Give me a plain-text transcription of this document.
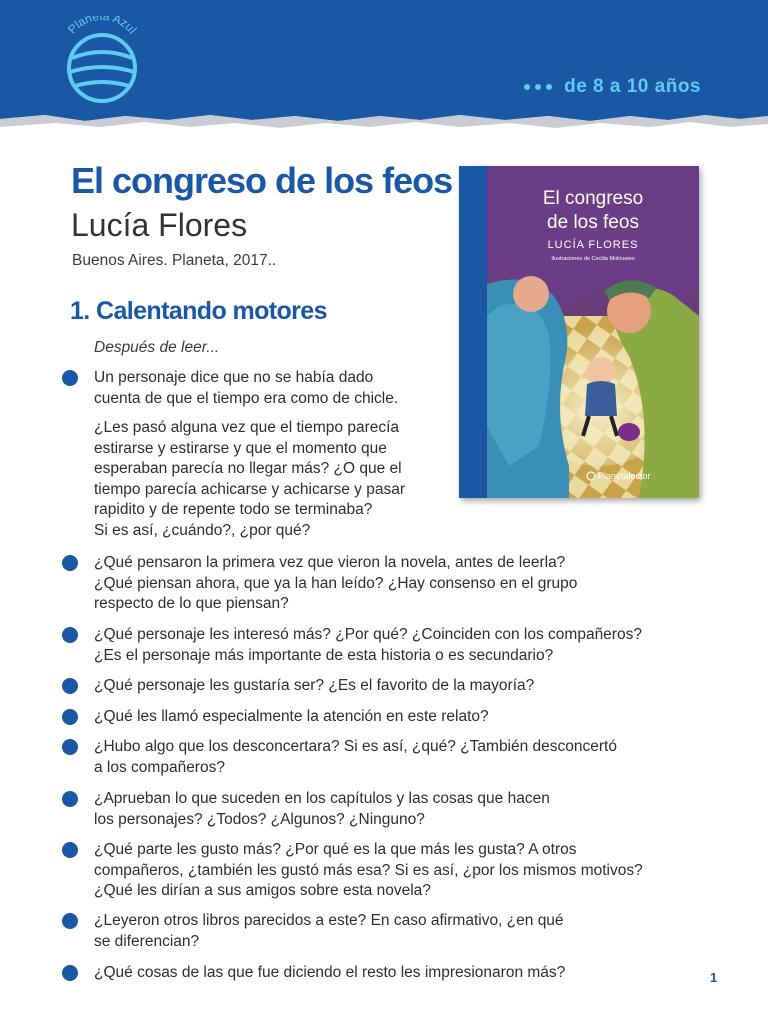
Planeta Azul
de 8 a 10 años
El congreso de los feos
Lucía Flores
Buenos Aires. Planeta, 2017..
1. Calentando motores
Después de leer...
El congreso
de los feos
LUCÍA FLORES
Ilustraciones de Cecilia Molinuevo
Planetalector
Un personaje dice que no se había dado
cuenta de que el tiempo era como de chicle.
¿Les pasó alguna vez que el tiempo parecía
estirarse y estirarse y que el momento que
esperaban parecía no llegar más? ¿O que el
tiempo parecía achicarse y achicarse y pasar
rapidito y de repente todo se terminaba?
Si es así, ¿cuándo?, ¿por qué?
¿Qué pensaron la primera vez que vieron la novela, antes de leerla?
¿Qué piensan ahora, que ya la han leído? ¿Hay consenso en el grupo
respecto de lo que piensan?
¿Qué personaje les interesó más? ¿Por qué? ¿Coinciden con los compañeros?
¿Es el personaje más importante de esta historia o es secundario?
¿Qué personaje les gustaría ser? ¿Es el favorito de la mayoría?
¿Qué les llamó especialmente la atención en este relato?
¿Hubo algo que los desconcertara? Si es así, ¿qué? ¿También desconcertó
a los compañeros?
¿Aprueban lo que suceden en los capítulos y las cosas que hacen
los personajes? ¿Todos? ¿Algunos? ¿Ninguno?
¿Qué parte les gusto más? ¿Por qué es la que más les gusta? A otros
compañeros, ¿también les gustó más esa? Si es así, ¿por los mismos motivos?
¿Qué les dirían a sus amigos sobre esta novela?
¿Leyeron otros libros parecidos a este? En caso afirmativo, ¿en qué
se diferencian?
¿Qué cosas de las que fue diciendo el resto les impresionaron más?	1
